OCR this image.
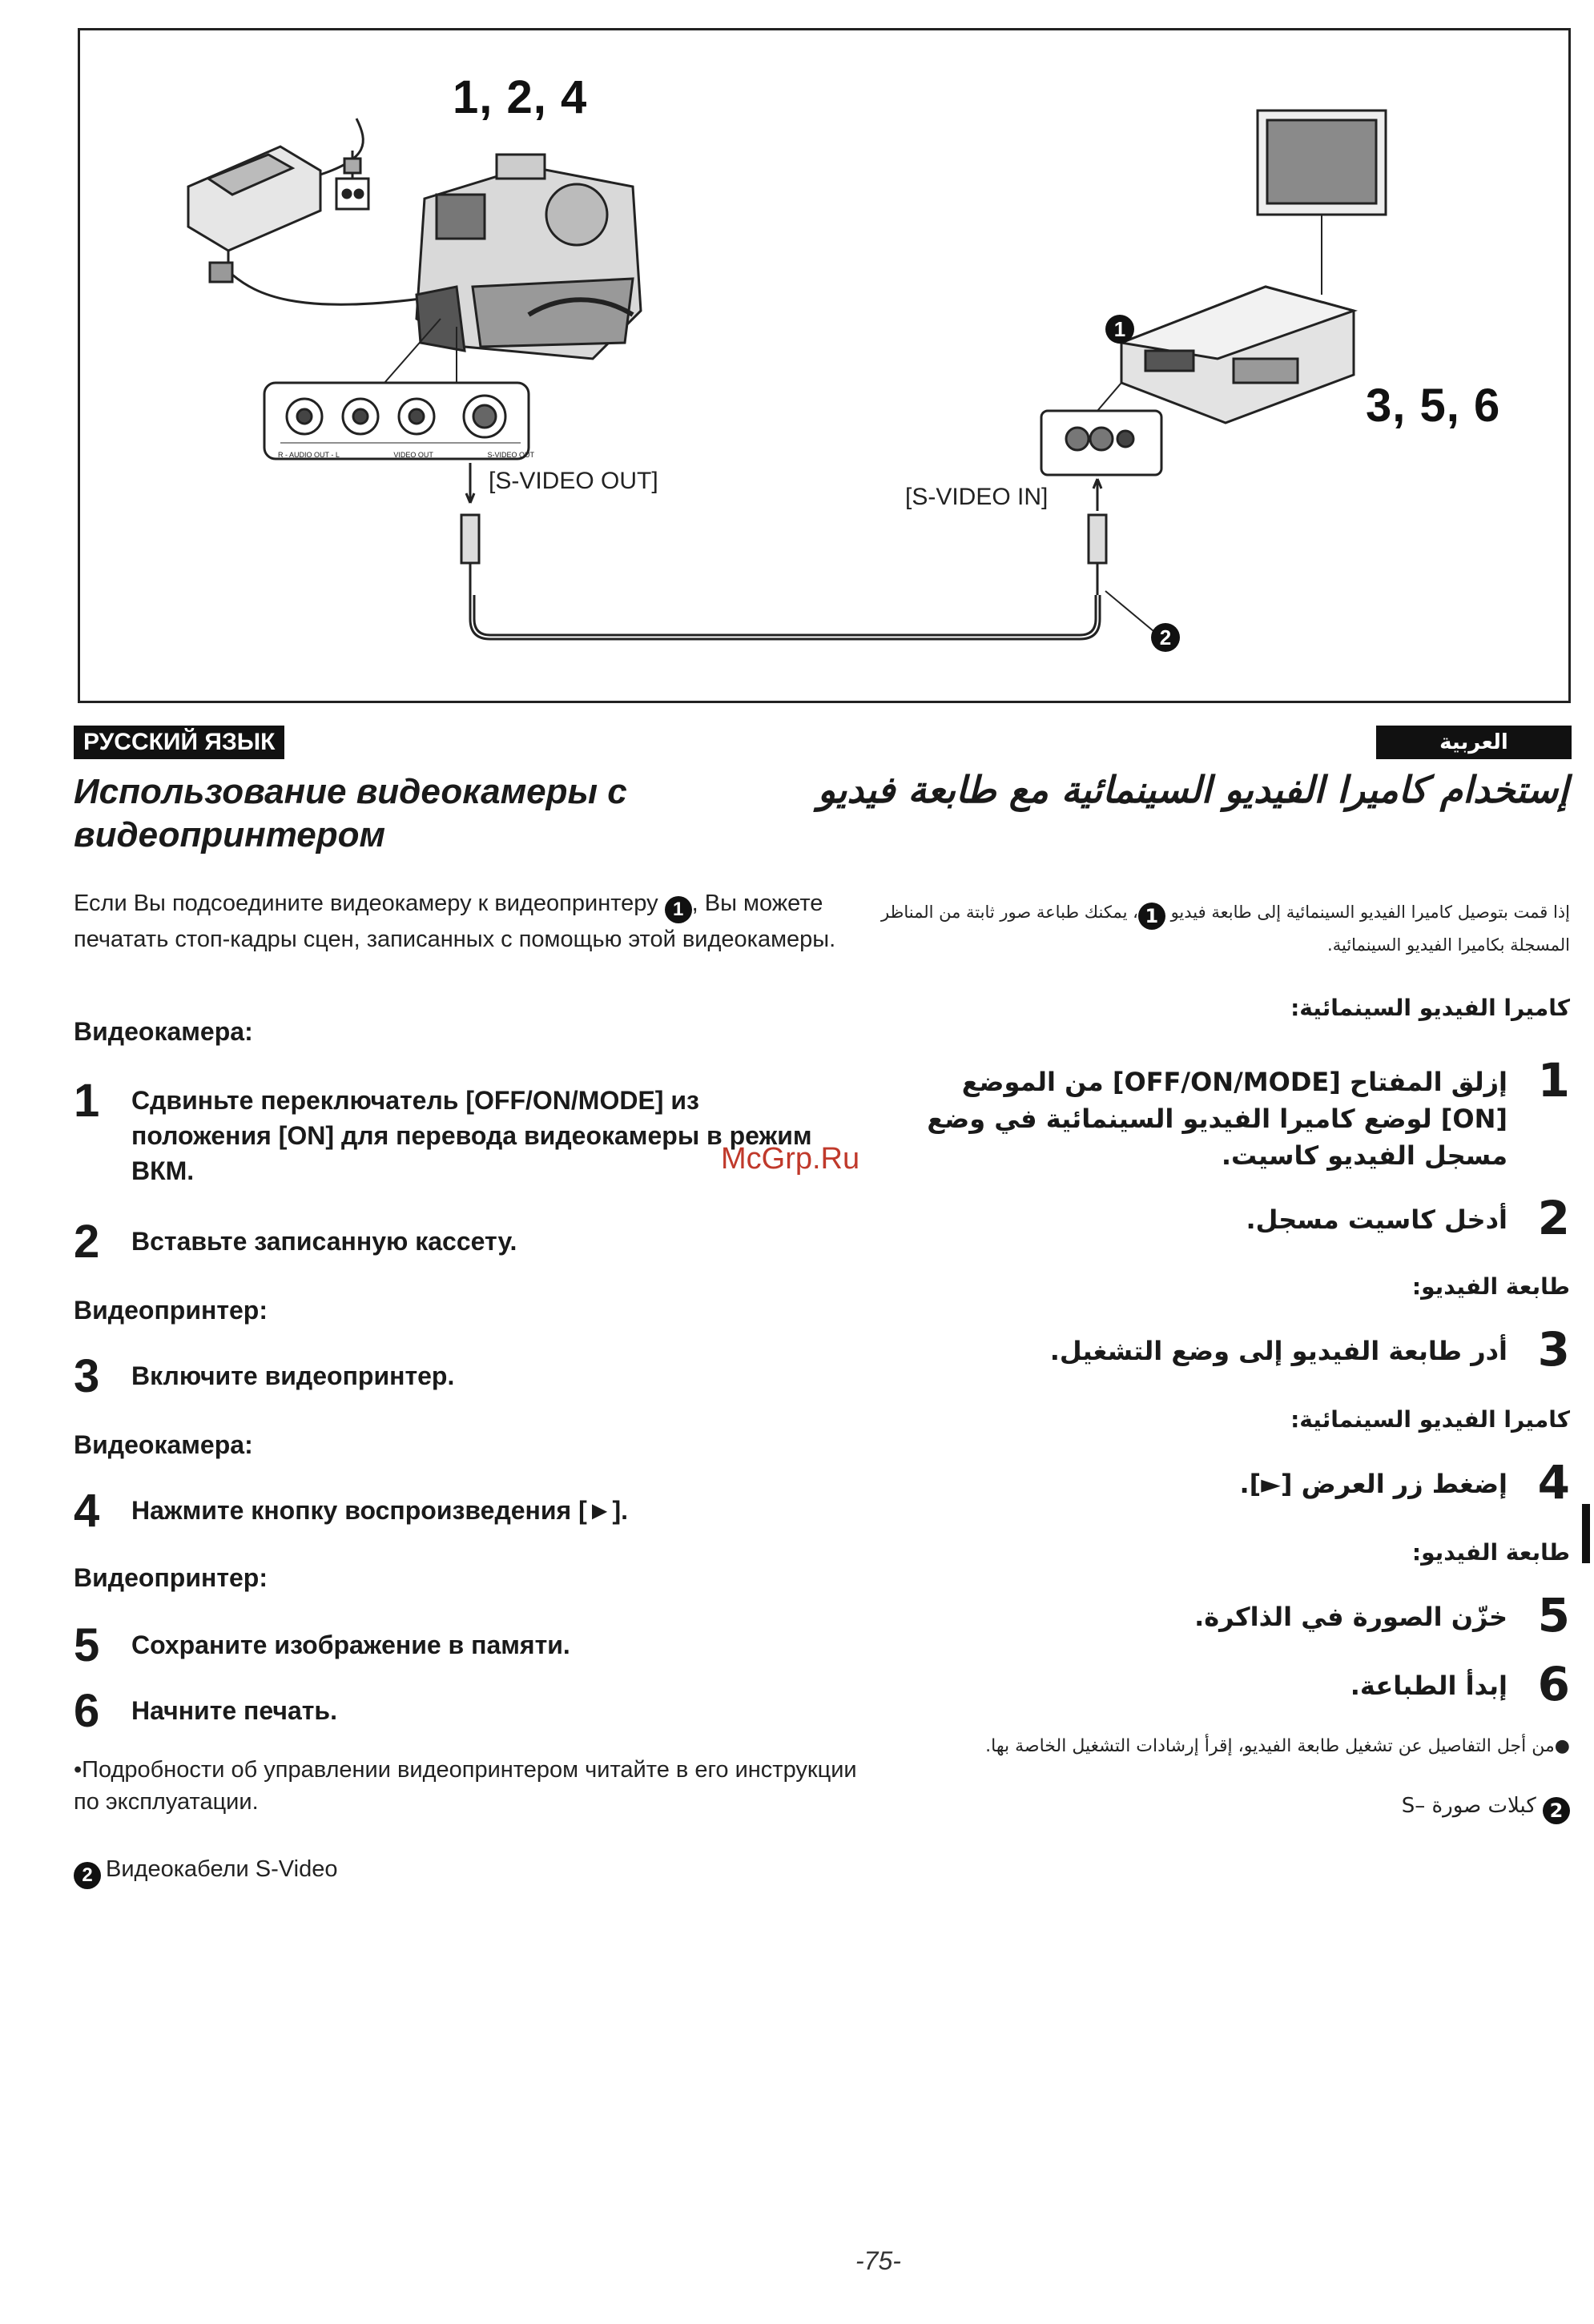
1, 2, 4
3, 5, 6
[S-VIDEO OUT]
[S-VIDEO IN]
1
2
R - AUDIO OUT - L	VIDEO OUT	S-VIDEO OUT
РУССКИЙ ЯЗЫК	العربية
Использование видеокамеры с видеопринтером
Если Вы подсоедините видеокамеру к видеопринтеру 1 , Вы можете печатать стоп-кадры сцен, записанных с помощью этой видеокамеры.
Видеокамера:
1 Сдвиньте переключатель [OFF/ON/MODE] из положения [ON] для перевода видеокамеры в режим ВКМ.
2 Вставьте записанную кассету.
Видеопринтер:
3 Включите видеопринтер.
Видеокамера:
4 Нажмите кнопку воспроизведения [►].
Видеопринтер:
5 Сохраните изображение в памяти.
6 Начните печать.
•Подробности об управлении видеопринтером читайте в его инструкции по эксплуатации.
2 Видеокабели S-Video
McGrp.Ru
إستخدام كاميرا الفيديو السينمائية مع طابعة فيديو
إذا قمت بتوصيل كاميرا الفيديو السينمائية إلى طابعة فيديو 1، يمكنك طباعة صور ثابتة من المناظر المسجلة بكاميرا الفيديو السينمائية.
كاميرا الفيديو السينمائية:
1
إزلق المفتاح [OFF/ON/MODE] من الموضع [ON] لوضع كاميرا الفيديو السينمائية في وضع مسجل الفيديو كاسيت.
2
أدخل كاسيت مسجل.
طابعة الفيديو:
3
أدر طابعة الفيديو إلى وضع التشغيل.
كاميرا الفيديو السينمائية:
4
إضغط زر العرض [►].
طابعة الفيديو:
5
خزّن الصورة في الذاكرة.
6
إبدأ الطباعة.
●من أجل التفاصيل عن تشغيل طابعة الفيديو، إقرأ إرشادات التشغيل الخاصة بها.
2 كبلات صورة –S
-75-
